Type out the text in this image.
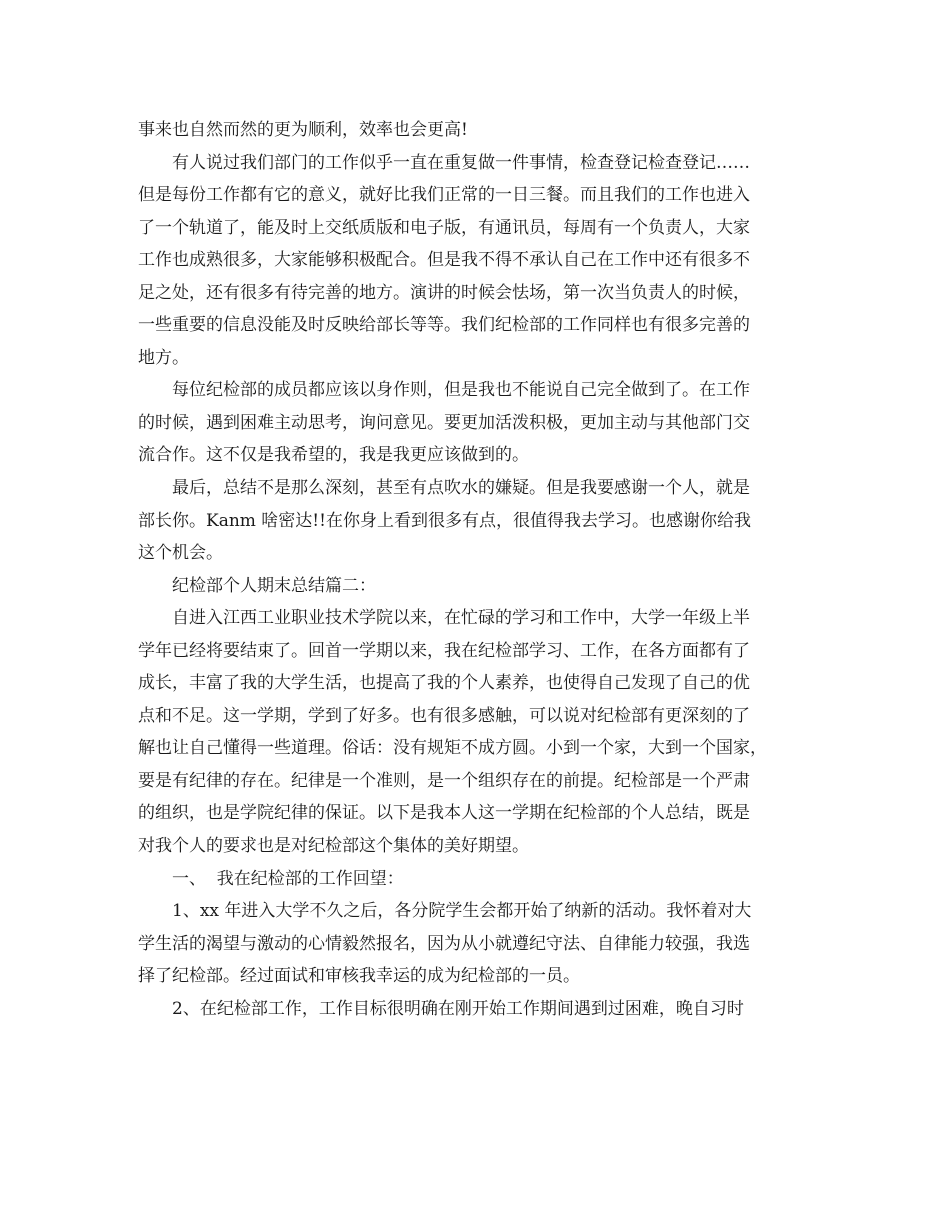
事来也自然而然的更为顺利，效率也会更高!
有人说过我们部门的工作似乎一直在重复做一件事情，检查登记检查登记……
但是每份工作都有它的意义，就好比我们正常的一日三餐。而且我们的工作也进入
了一个轨道了，能及时上交纸质版和电子版，有通讯员，每周有一个负责人，大家
工作也成熟很多，大家能够积极配合。但是我不得不承认自己在工作中还有很多不
足之处，还有很多有待完善的地方。演讲的时候会怯场，第一次当负责人的时候，
一些重要的信息没能及时反映给部长等等。我们纪检部的工作同样也有很多完善的
地方。
每位纪检部的成员都应该以身作则，但是我也不能说自己完全做到了。在工作
的时候，遇到困难主动思考，询问意见。要更加活泼积极，更加主动与其他部门交
流合作。这不仅是我希望的，我是我更应该做到的。
最后，总结不是那么深刻，甚至有点吹水的嫌疑。但是我要感谢一个人，就是
部长你。Kanm 啥密达!!在你身上看到很多有点，很值得我去学习。也感谢你给我
这个机会。
纪检部个人期末总结篇二：
自进入江西工业职业技术学院以来，在忙碌的学习和工作中，大学一年级上半
学年已经将要结束了。回首一学期以来，我在纪检部学习、工作，在各方面都有了
成长，丰富了我的大学生活，也提高了我的个人素养，也使得自己发现了自己的优
点和不足。这一学期，学到了好多。也有很多感触，可以说对纪检部有更深刻的了
解也让自己懂得一些道理。俗话：没有规矩不成方圆。小到一个家，大到一个国家，
要是有纪律的存在。纪律是一个准则，是一个组织存在的前提。纪检部是一个严肃
的组织，也是学院纪律的保证。以下是我本人这一学期在纪检部的个人总结，既是
对我个人的要求也是对纪检部这个集体的美好期望。
一、  我在纪检部的工作回望：
1、xx 年进入大学不久之后，各分院学生会都开始了纳新的活动。我怀着对大
学生活的渴望与激动的心情毅然报名，因为从小就遵纪守法、自律能力较强，我选
择了纪检部。经过面试和审核我幸运的成为纪检部的一员。
2、在纪检部工作，工作目标很明确在刚开始工作期间遇到过困难，晚自习时
